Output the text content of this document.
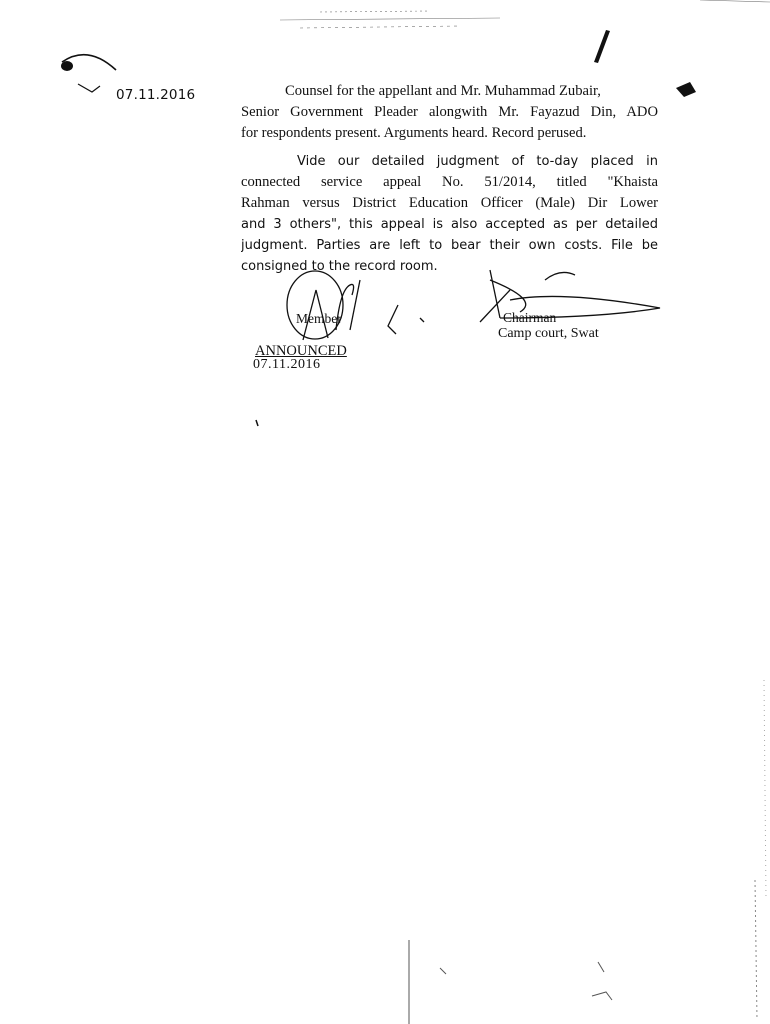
07.11.2016	Counsel for the appellant and Mr. Muhammad Zubair,
Senior Government Pleader alongwith Mr. Fayazud Din, ADO
for respondents present. Arguments heard. Record perused.
Vide our detailed judgment of to-day placed in
connected service appeal No. 51/2014, titled "Khaista
Rahman versus District Education Officer (Male) Dir Lower
and 3 others", this appeal is also accepted as per detailed
judgment. Parties are left to bear their own costs. File be
consigned to the record room.
Member	Chairman
Camp court, Swat
ANNOUNCED
07.11.2016
